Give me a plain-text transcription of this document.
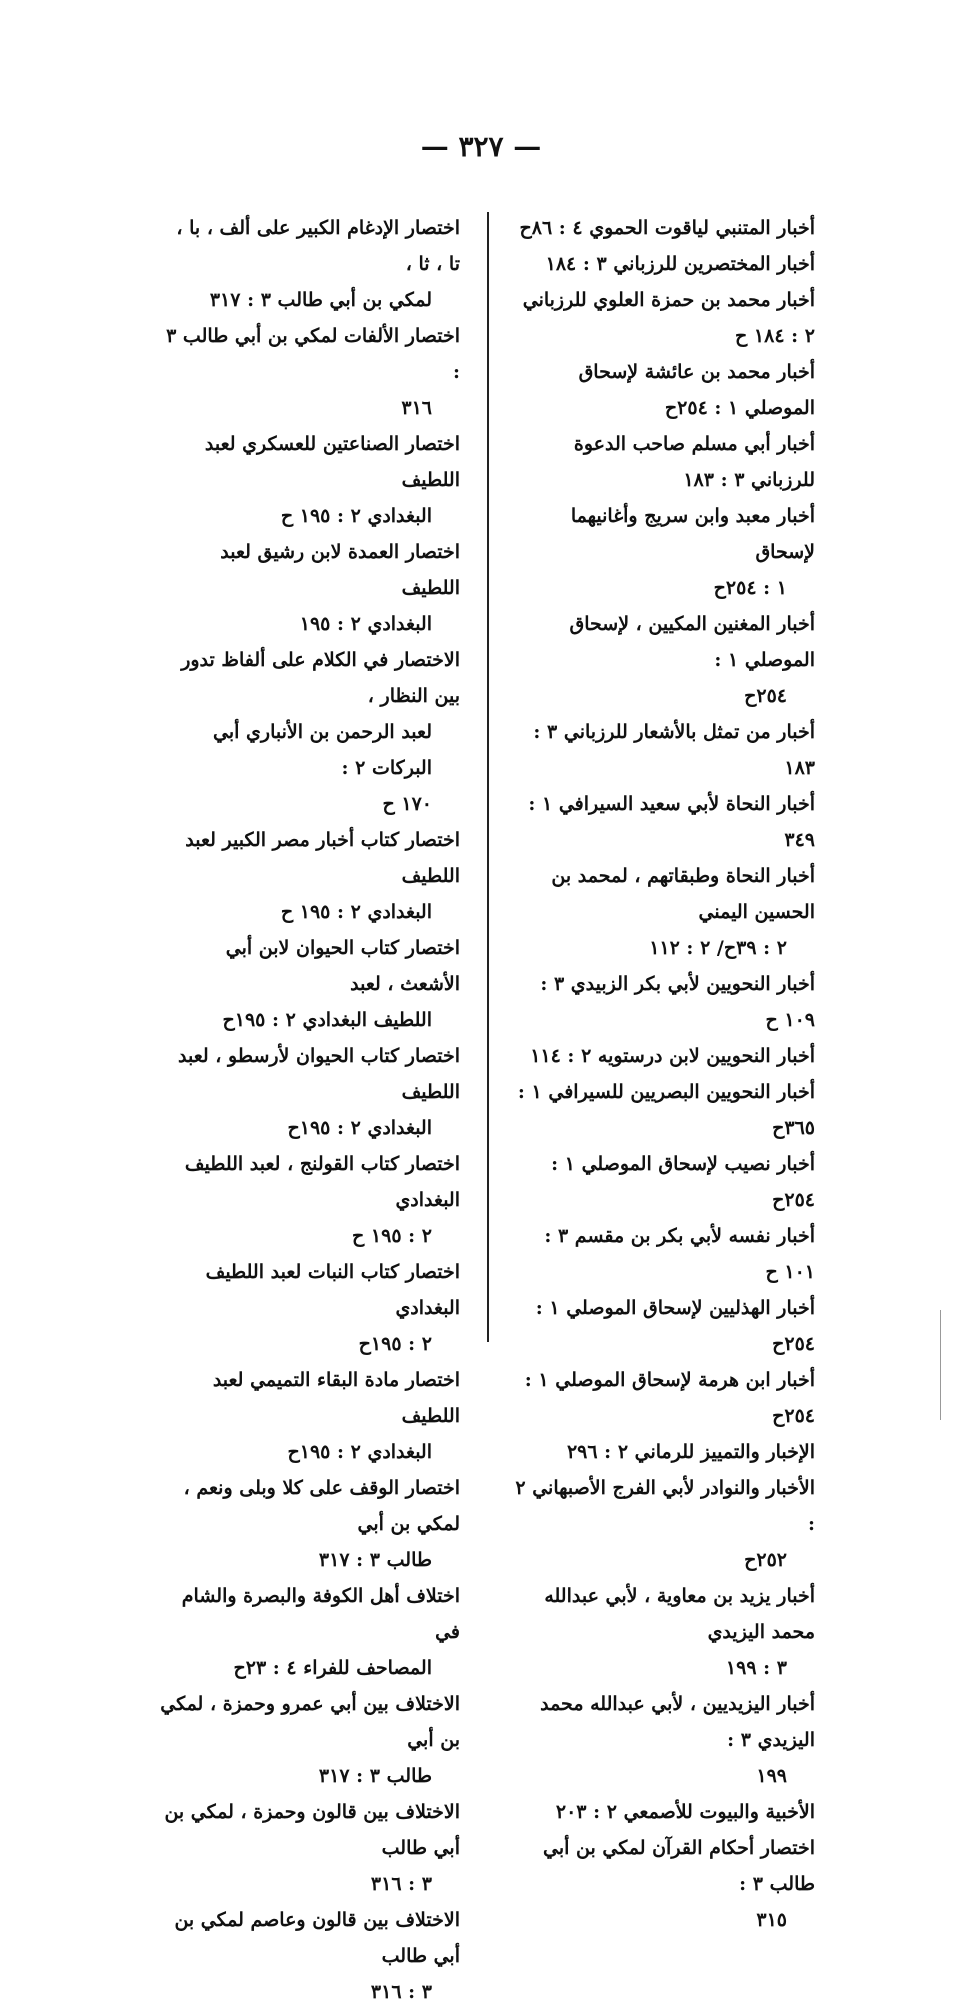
— ٣٢٧ —
أخبار المتنبي لياقوت الحموي ٤ : ٨٦ح
أخبار المختصرين للرزباني ٣ : ١٨٤
أخبار محمد بن حمزة العلوي للرزباني ٢ : ١٨٤ ح
أخبار محمد بن عائشة لإسحاق الموصلي ١ : ٢٥٤ح
أخبار أبي مسلم صاحب الدعوة للرزباني ٣ : ١٨٣
أخبار معبد وابن سريج وأغانيهما لإسحاق
١ : ٢٥٤ح
أخبار المغنين المكيين ، لإسحاق الموصلي ١ :
٢٥٤ح
أخبار من تمثل بالأشعار للرزباني ٣ : ١٨٣
أخبار النحاة لأبي سعيد السيرافي ١ : ٣٤٩
أخبار النحاة وطبقاتهم ، لمحمد بن الحسين اليمني
٢ : ٣٩ح/ ٢ : ١١٢
أخبار النحويين لأبي بكر الزبيدي ٣ : ١٠٩ ح
أخبار النحويين لابن درستويه ٢ : ١١٤
أخبار النحويين البصريين للسيرافي ١ : ٣٦٥ح
أخبار نصيب لإسحاق الموصلي ١ : ٢٥٤ح
أخبار نفسه لأبي بكر بن مقسم ٣ : ١٠١ ح
أخبار الهذليين لإسحاق الموصلي ١ : ٢٥٤ح
أخبار ابن هرمة لإسحاق الموصلي ١ : ٢٥٤ح
الإخبار والتمييز للرماني ٢ : ٢٩٦
الأخبار والنوادر لأبي الفرج الأصبهاني ٢ :
٢٥٢ح
أخبار يزيد بن معاوية ، لأبي عبدالله محمد اليزيدي
٣ : ١٩٩
أخبار اليزيديين ، لأبي عبدالله محمد اليزيدي ٣ :
١٩٩
الأخبية والبيوت للأصمعي ٢ : ٢٠٣
اختصار أحكام القرآن لمكي بن أبي طالب ٣ :
٣١٥
اختصار الإدغام الكبير على ألف ، با ، تا ، ثا ،
لمكي بن أبي طالب ٣ : ٣١٧
اختصار الألفات لمكي بن أبي طالب ٣ :
٣١٦
اختصار الصناعتين للعسكري لعبد اللطيف
البغدادي ٢ : ١٩٥ ح
اختصار العمدة لابن رشيق لعبد اللطيف
البغدادي ٢ : ١٩٥
الاختصار في الكلام على ألفاظ تدور بين النظار ،
لعبد الرحمن بن الأنباري أبي البركات ٢ :
١٧٠ ح
اختصار كتاب أخبار مصر الكبير لعبد اللطيف
البغدادي ٢ : ١٩٥ ح
اختصار كتاب الحيوان لابن أبي الأشعث ، لعبد
اللطيف البغدادي ٢ : ١٩٥ح
اختصار كتاب الحيوان لأرسطو ، لعبد اللطيف
البغدادي ٢ : ١٩٥ح
اختصار كتاب القولنج ، لعبد اللطيف البغدادي
٢ : ١٩٥ ح
اختصار كتاب النبات لعبد اللطيف البغدادي
٢ : ١٩٥ح
اختصار مادة البقاء التميمي لعبد اللطيف
البغدادي ٢ : ١٩٥ح
اختصار الوقف على كلا وبلى ونعم ، لمكي بن أبي
طالب ٣ : ٣١٧
اختلاف أهل الكوفة والبصرة والشام في
المصاحف للفراء ٤ : ٢٣ح
الاختلاف بين أبي عمرو وحمزة ، لمكي بن أبي
طالب ٣ : ٣١٧
الاختلاف بين قالون وحمزة ، لمكي بن أبي طالب
٣ : ٣١٦
الاختلاف بين قالون وعاصم لمكي بن أبي طالب
٣ : ٣١٦
